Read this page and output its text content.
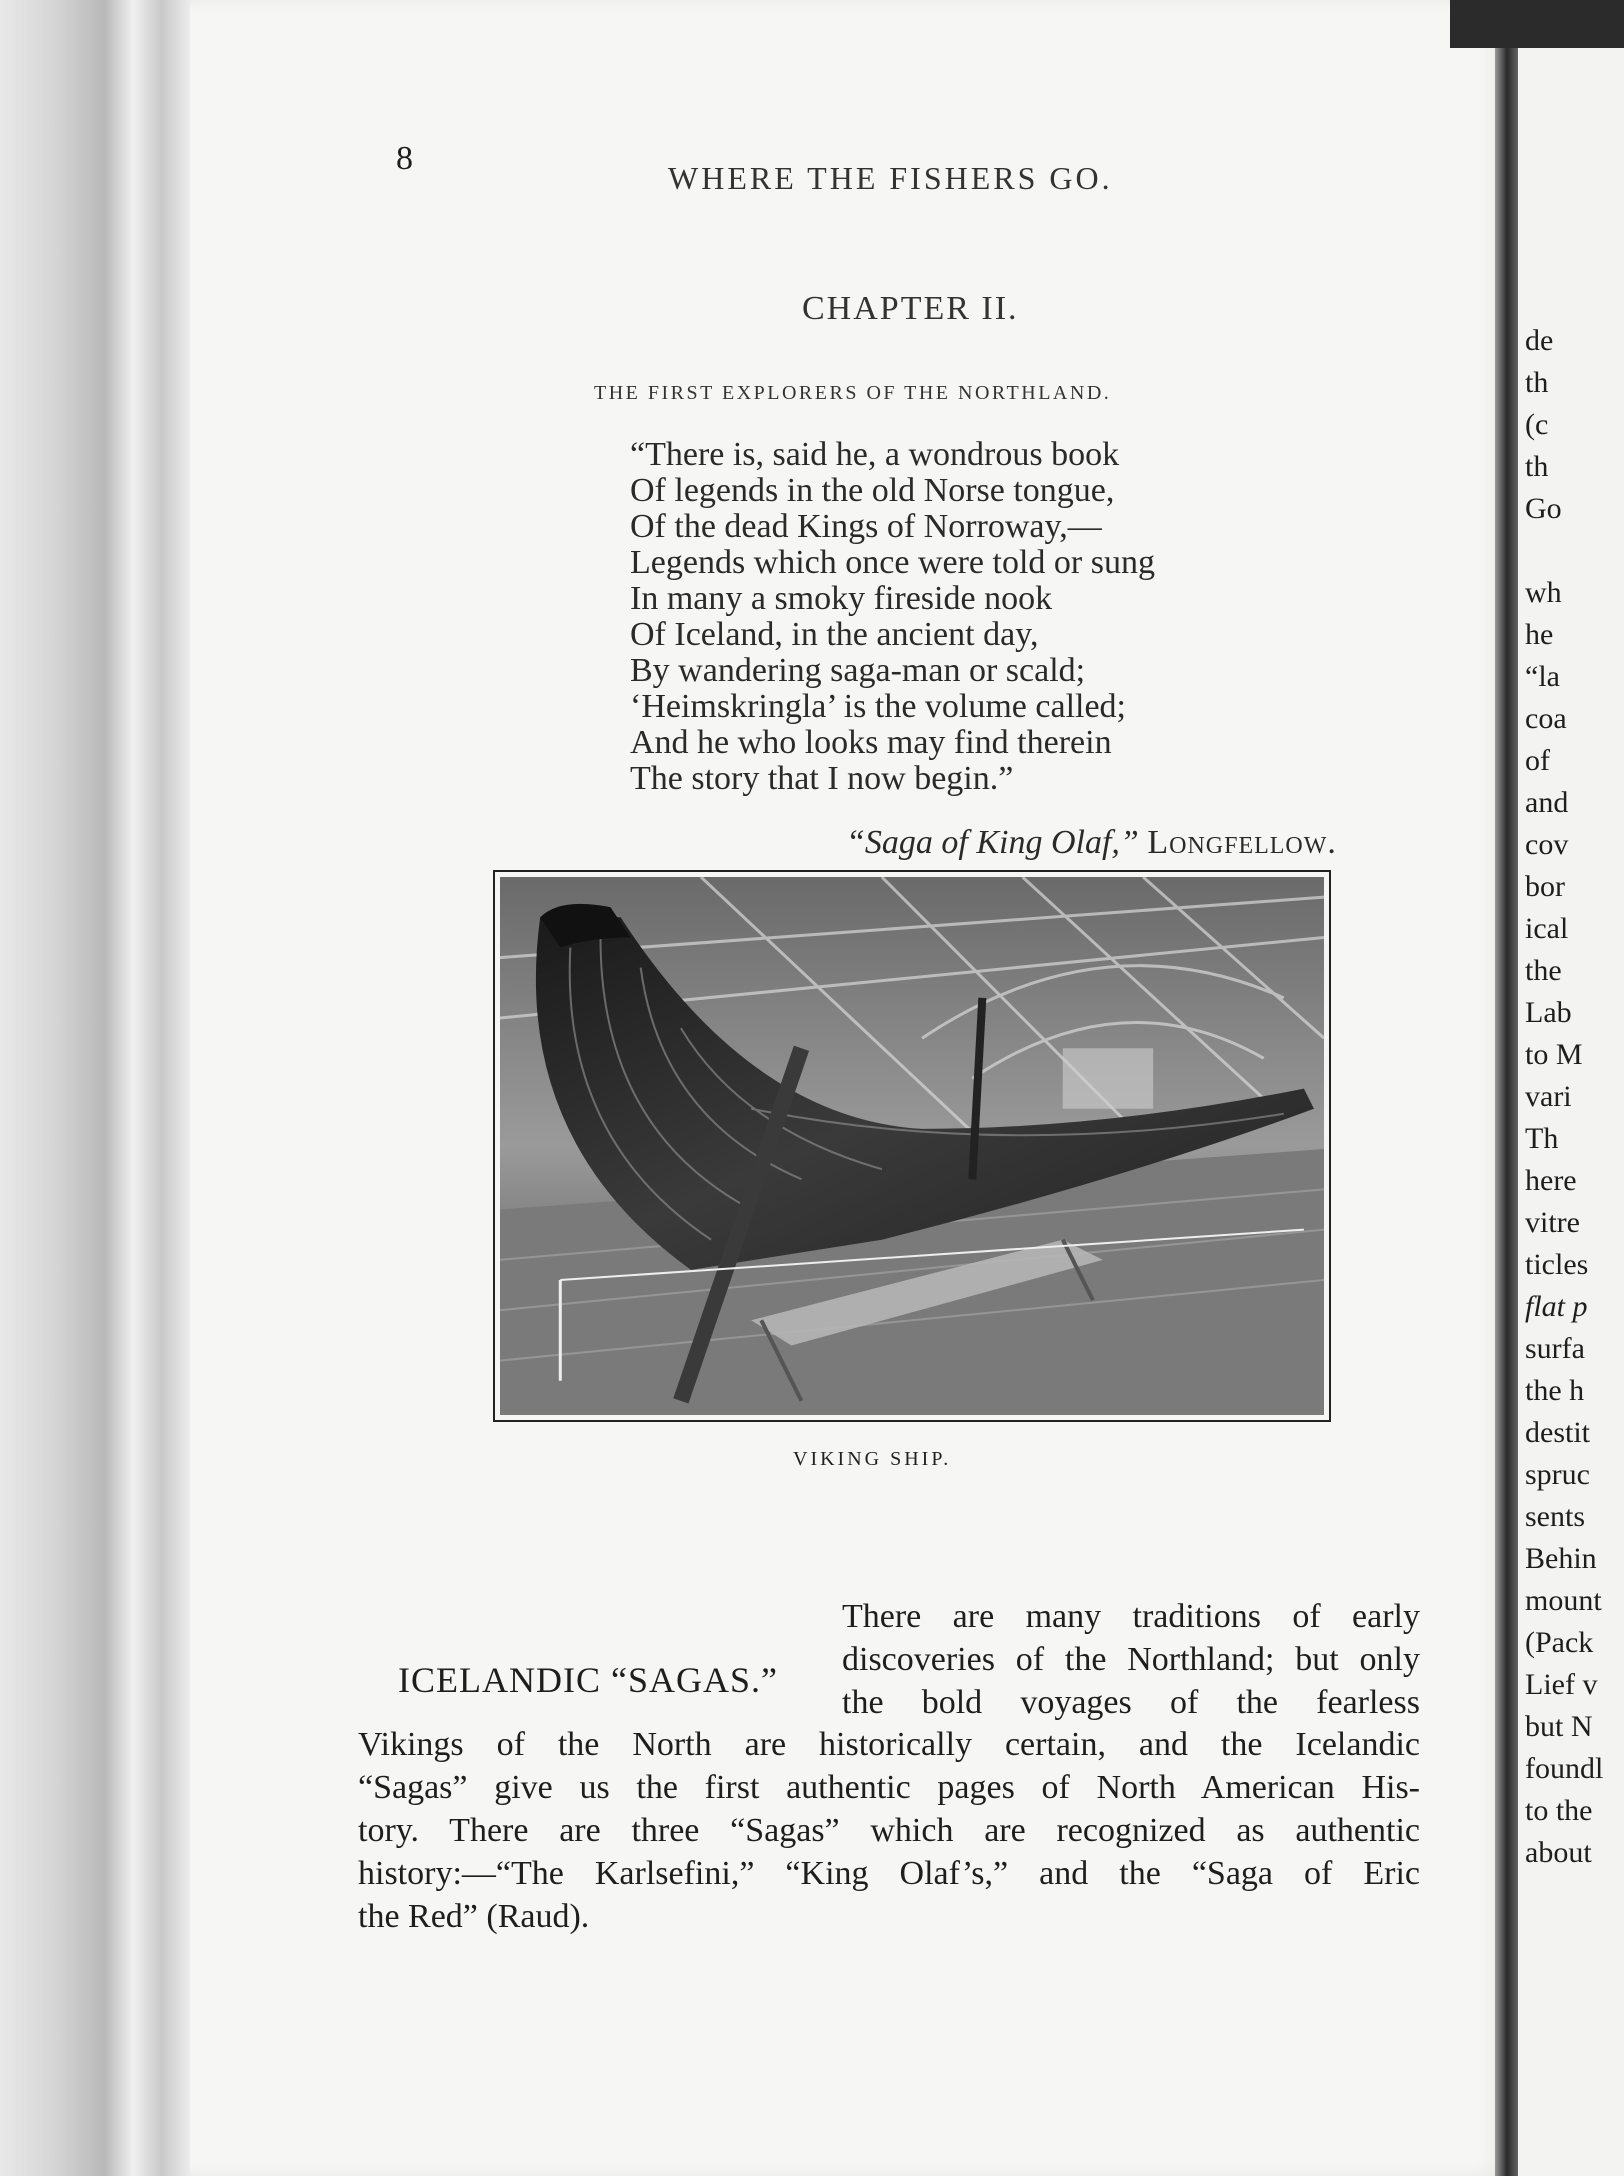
8
WHERE THE FISHERS GO.
CHAPTER II.
THE FIRST EXPLORERS OF THE NORTHLAND.
“There is, said he, a wondrous book
Of legends in the old Norse tongue,
Of the dead Kings of Norroway,—
Legends which once were told or sung
In many a smoky fireside nook
Of Iceland, in the ancient day,
By wandering saga-man or scald;
‘Heimskringla’ is the volume called;
And he who looks may find therein
The story that I now begin.”
“Saga of King Olaf,” Longfellow.
VIKING SHIP.
ICELANDIC “SAGAS.”
There are many traditions of early
discoveries of the Northland; but only
the bold voyages of the fearless
Vikings of the North are historically certain, and the Icelandic
“Sagas” give us the first authentic pages of North American His-
tory. There are three “Sagas” which are recognized as authentic
history:—“The Karlsefini,” “King Olaf’s,” and the “Saga of Eric
the Red” (Raud).
de
th
(c
th
Go
wh
he
“la
coa
of
and
cov
bor
ical
the
Lab
to M
vari
Th
here
vitre
ticles
flat p
surfa
the h
destit
spruc
sents
Behin
mount
(Pack
Lief v
but N
foundl
to the
about
